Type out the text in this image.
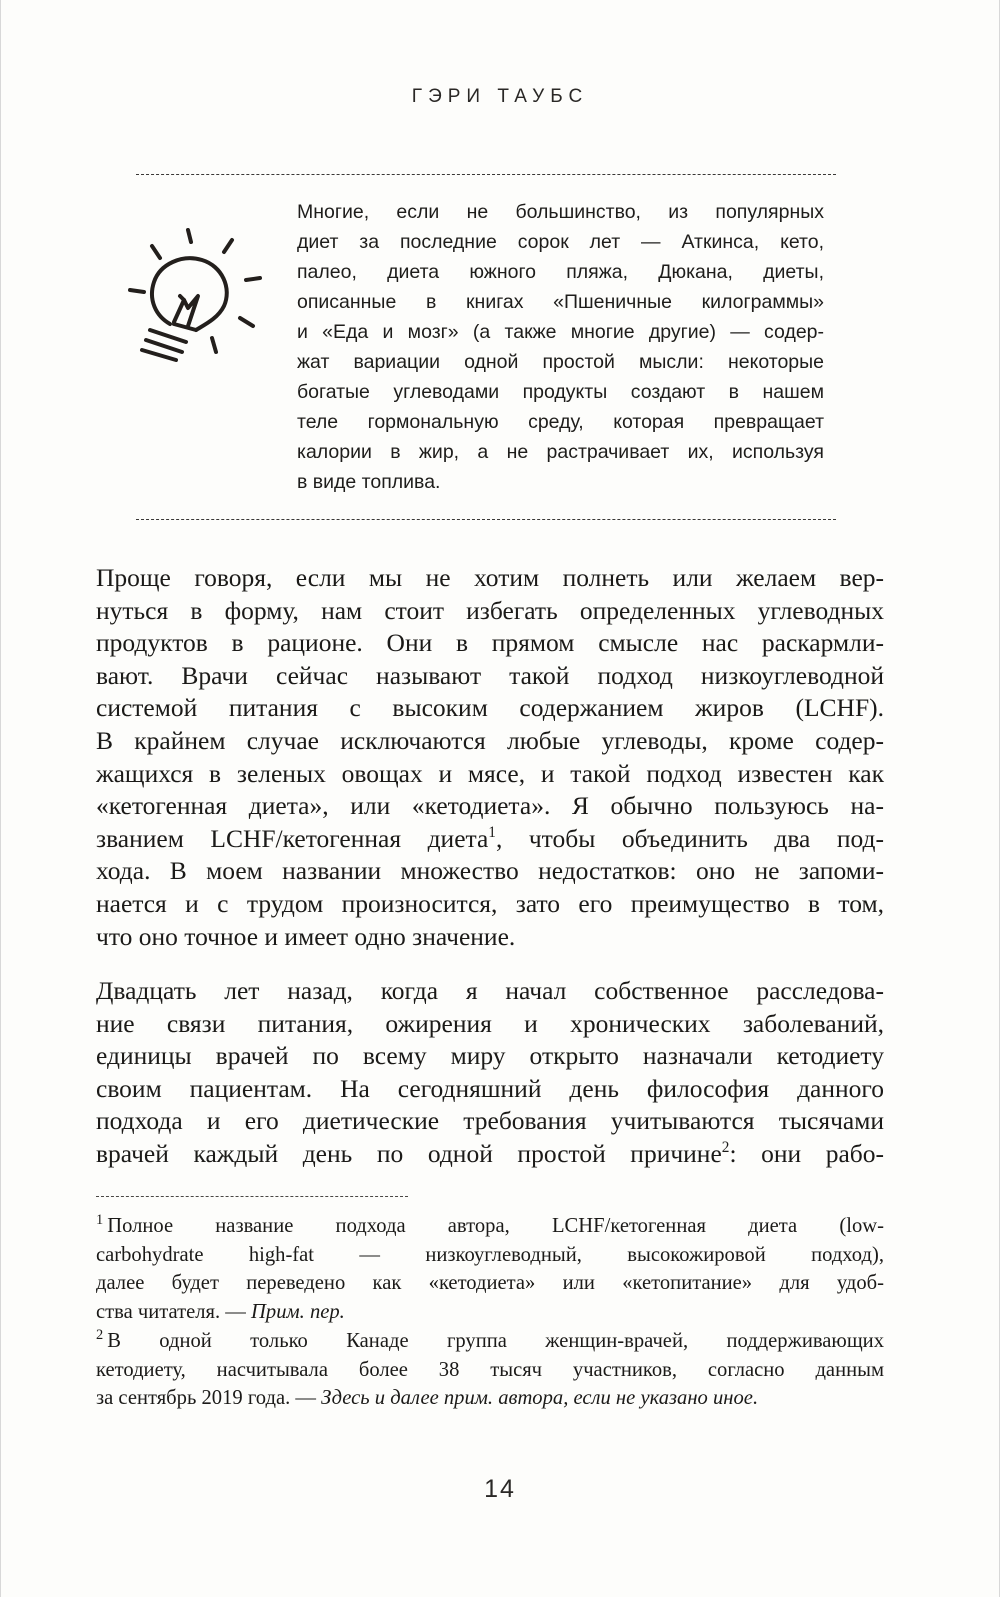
ГЭРИ ТАУБС

Многие, если не большинство, из популярных
диет за последние сорок лет — Аткинса, кето,
палео, диета южного пляжа, Дюкана, диеты,
описанные в книгах «Пшеничные килограммы»
и «Еда и мозг» (а также многие другие) — содер-
жат вариации одной простой мысли: некоторые
богатые углеводами продукты создают в нашем
теле гормональную среду, которая превращает
калории в жир, а не растрачивает их, используя
в виде топлива.

Проще говоря, если мы не хотим полнеть или желаем вер-
нуться в форму, нам стоит избегать определенных углеводных
продуктов в рационе. Они в прямом смысле нас раскармли-
вают. Врачи сейчас называют такой подход низкоуглеводной
системой питания с высоким содержанием жиров (LCHF).
В крайнем случае исключаются любые углеводы, кроме содер-
жащихся в зеленых овощах и мясе, и такой подход известен как
«кетогенная диета», или «кетодиета». Я обычно пользуюсь на-
званием LCHF/кетогенная диета$^1$, чтобы объединить два под-
хода. В моем названии множество недостатков: оно не запоми-
нается и с трудом произносится, зато его преимущество в том,
что оно точное и имеет одно значение.

Двадцать лет назад, когда я начал собственное расследова-
ние связи питания, ожирения и хронических заболеваний,
единицы врачей по всему миру открыто назначали кетодиету
своим пациентам. На сегодняшний день философия данного
подхода и его диетические требования учитываются тысячами
врачей каждый день по одной простой причине$^2$: они рабо-

$^1$ Полное название подхода автора, LCHF/кетогенная диета (low-
carbohydrate high-fat — низкоуглеводный, высокожировой подход),
далее будет переведено как «кетодиета» или «кетопитание» для удоб-
ства читателя. — Прим. пер.

$^2$ В одной только Канаде группа женщин-врачей, поддерживающих
кетодиету, насчитывала более 38 тысяч участников, согласно данным
за сентябрь 2019 года. — Здесь и далее прим. автора, если не указано иное.

14
